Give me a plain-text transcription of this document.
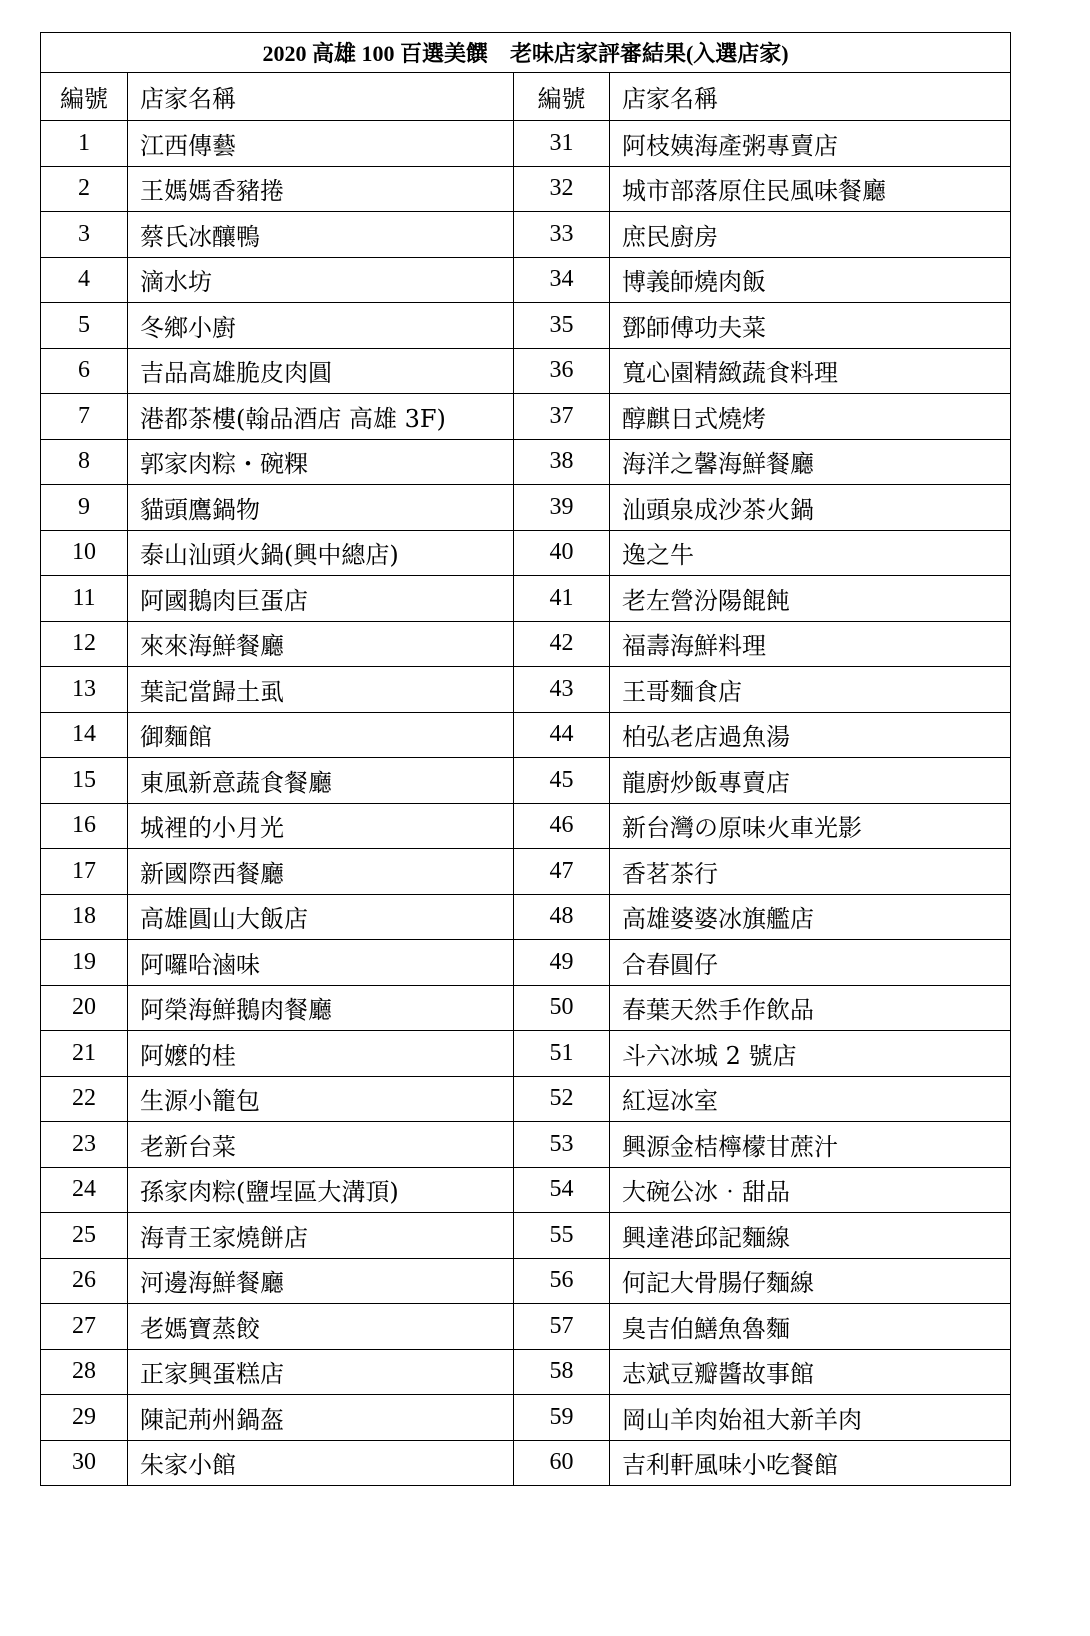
2020 高雄 100 百選美饌　老味店家評審結果(入選店家)			
編號	店家名稱	編號	店家名稱
1	江西傳藝	31	阿枝姨海產粥專賣店
2	王媽媽香豬捲	32	城市部落原住民風味餐廳
3	蔡氏冰釀鴨	33	庶民廚房
4	滴水坊	34	博義師燒肉飯
5	冬鄉小廚	35	鄧師傅功夫菜
6	吉品高雄脆皮肉圓	36	寬心園精緻蔬食料理
7	港都茶樓(翰品酒店 高雄 3F)	37	醇麒日式燒烤
8	郭家肉粽・碗粿	38	海洋之馨海鮮餐廳
9	貓頭鷹鍋物	39	汕頭泉成沙茶火鍋
10	泰山汕頭火鍋(興中總店)	40	逸之牛
11	阿國鵝肉巨蛋店	41	老左營汾陽餛飩
12	來來海鮮餐廳	42	福壽海鮮料理
13	葉記當歸土虱	43	王哥麵食店
14	御麵館	44	柏弘老店過魚湯
15	東風新意蔬食餐廳	45	龍廚炒飯專賣店
16	城裡的小月光	46	新台灣の原味火車光影
17	新國際西餐廳	47	香茗茶行
18	高雄圓山大飯店	48	高雄婆婆冰旗艦店
19	阿囉哈滷味	49	合春圓仔
20	阿榮海鮮鵝肉餐廳	50	春葉天然手作飲品
21	阿嬤的桂	51	斗六冰城 2 號店
22	生源小籠包	52	紅逗冰室
23	老新台菜	53	興源金桔檸檬甘蔗汁
24	孫家肉粽(鹽埕區大溝頂)	54	大碗公冰‧甜品
25	海青王家燒餅店	55	興達港邱記麵線
26	河邊海鮮餐廳	56	何記大骨腸仔麵線
27	老媽寶蒸餃	57	臭吉伯鱔魚魯麵
28	正家興蛋糕店	58	志斌豆瓣醬故事館
29	陳記荊州鍋盔	59	岡山羊肉始祖大新羊肉
30	朱家小館	60	吉利軒風味小吃餐館
